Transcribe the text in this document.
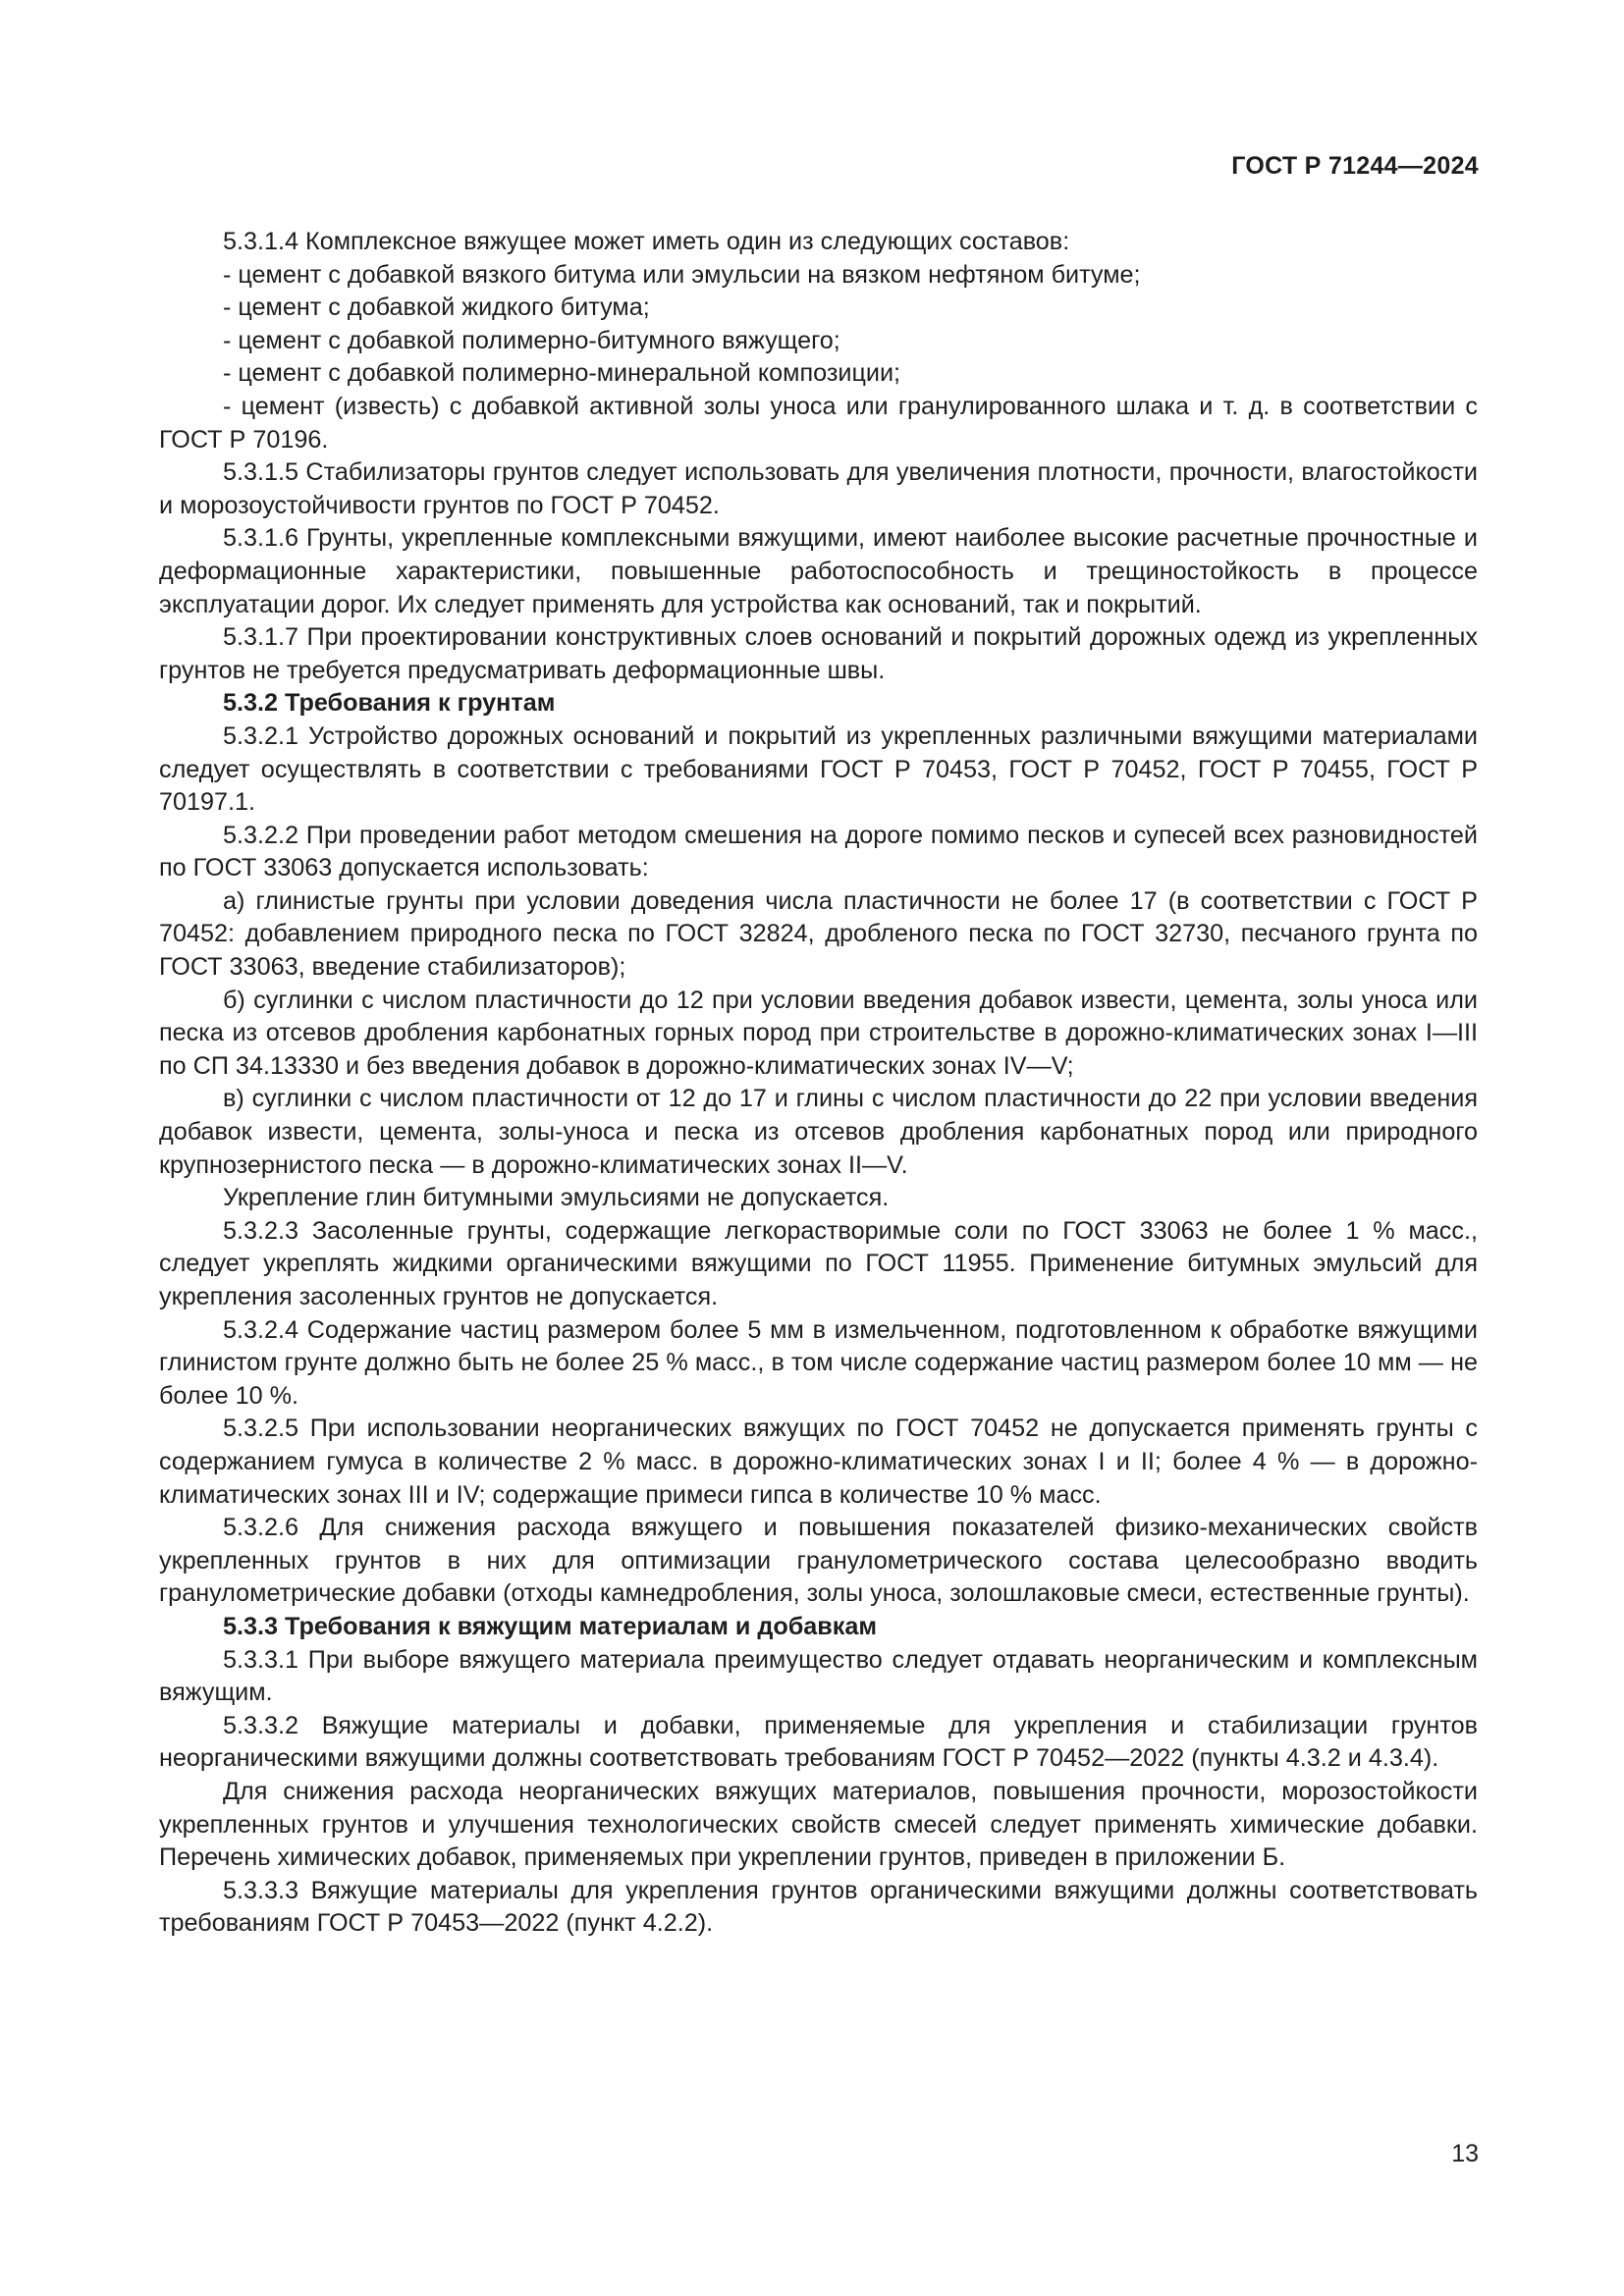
ГОСТ Р 71244—2024

5.3.1.4 Комплексное вяжущее может иметь один из следующих составов:

- цемент с добавкой вязкого битума или эмульсии на вязком нефтяном битуме;

- цемент с добавкой жидкого битума;

- цемент с добавкой полимерно-битумного вяжущего;

- цемент с добавкой полимерно-минеральной композиции;

- цемент (известь) с добавкой активной золы уноса или гранулированного шлака и т. д. в соответствии с ГОСТ Р 70196.

5.3.1.5 Стабилизаторы грунтов следует использовать для увеличения плотности, прочности, влагостойкости и морозоустойчивости грунтов по ГОСТ Р 70452.

5.3.1.6 Грунты, укрепленные комплексными вяжущими, имеют наиболее высокие расчетные прочностные и деформационные характеристики, повышенные работоспособность и трещиностойкость в процессе эксплуатации дорог. Их следует применять для устройства как оснований, так и покрытий.

5.3.1.7 При проектировании конструктивных слоев оснований и покрытий дорожных одежд из укрепленных грунтов не требуется предусматривать деформационные швы.

5.3.2 Требования к грунтам

5.3.2.1 Устройство дорожных оснований и покрытий из укрепленных различными вяжущими материалами следует осуществлять в соответствии с требованиями ГОСТ Р 70453, ГОСТ Р 70452, ГОСТ Р 70455, ГОСТ Р 70197.1.

5.3.2.2 При проведении работ методом смешения на дороге помимо песков и супесей всех разновидностей по ГОСТ 33063 допускается использовать:

а) глинистые грунты при условии доведения числа пластичности не более 17 (в соответствии с ГОСТ Р 70452: добавлением природного песка по ГОСТ 32824, дробленого песка по ГОСТ 32730, песчаного грунта по ГОСТ 33063, введение стабилизаторов);

б) суглинки с числом пластичности до 12 при условии введения добавок извести, цемента, золы уноса или песка из отсевов дробления карбонатных горных пород при строительстве в дорожно-климатических зонах I—III по СП 34.13330 и без введения добавок в дорожно-климатических зонах IV—V;

в) суглинки с числом пластичности от 12 до 17 и глины с числом пластичности до 22 при условии введения добавок извести, цемента, золы-уноса и песка из отсевов дробления карбонатных пород или природного крупнозернистого песка — в дорожно-климатических зонах II—V.

Укрепление глин битумными эмульсиями не допускается.

5.3.2.3 Засоленные грунты, содержащие легкорастворимые соли по ГОСТ 33063 не более 1 % масс., следует укреплять жидкими органическими вяжущими по ГОСТ 11955. Применение битумных эмульсий для укрепления засоленных грунтов не допускается.

5.3.2.4 Содержание частиц размером более 5 мм в измельченном, подготовленном к обработке вяжущими глинистом грунте должно быть не более 25 % масс., в том числе содержание частиц размером более 10 мм — не более 10 %.

5.3.2.5 При использовании неорганических вяжущих по ГОСТ 70452 не допускается применять грунты с содержанием гумуса в количестве 2 % масс. в дорожно-климатических зонах I и II; более 4 % — в дорожно-климатических зонах III и IV; содержащие примеси гипса в количестве 10 % масс.

5.3.2.6 Для снижения расхода вяжущего и повышения показателей физико-механических свойств укрепленных грунтов в них для оптимизации гранулометрического состава целесообразно вводить гранулометрические добавки (отходы камнедробления, золы уноса, золошлаковые смеси, естественные грунты).

5.3.3 Требования к вяжущим материалам и добавкам

5.3.3.1 При выборе вяжущего материала преимущество следует отдавать неорганическим и комплексным вяжущим.

5.3.3.2 Вяжущие материалы и добавки, применяемые для укрепления и стабилизации грунтов неорганическими вяжущими должны соответствовать требованиям ГОСТ Р 70452—2022 (пункты 4.3.2 и 4.3.4).

Для снижения расхода неорганических вяжущих материалов, повышения прочности, морозостойкости укрепленных грунтов и улучшения технологических свойств смесей следует применять химические добавки. Перечень химических добавок, применяемых при укреплении грунтов, приведен в приложении Б.

5.3.3.3 Вяжущие материалы для укрепления грунтов органическими вяжущими должны соответствовать требованиям ГОСТ Р 70453—2022 (пункт 4.2.2).

13
